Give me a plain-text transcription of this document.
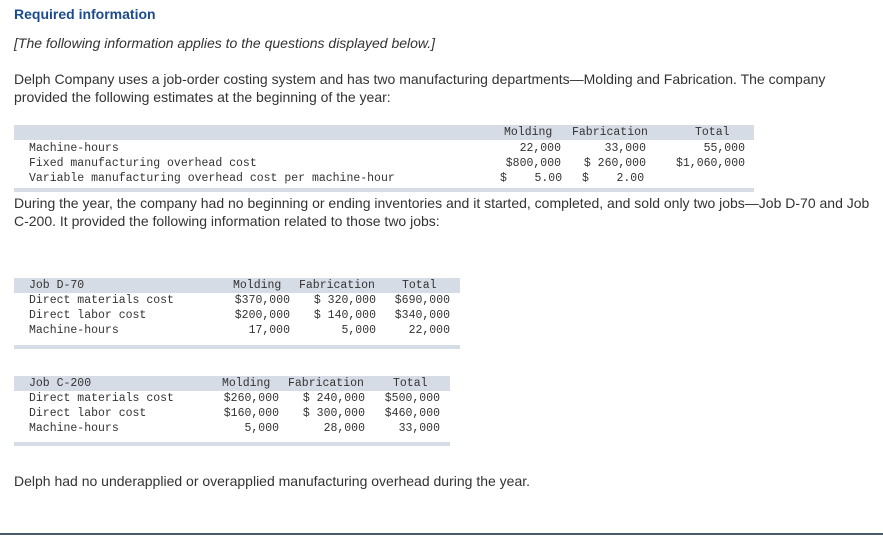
Required information
[The following information applies to the questions displayed below.]
Delph Company uses a job-order costing system and has two manufacturing departments—Molding and Fabrication. The company provided the following estimates at the beginning of the year:
Molding Fabrication	Total
Machine-hours	22,000	33,000	55,000
Fixed manufacturing overhead cost	$800,000	$ 260,000	$1,060,000
Variable manufacturing overhead cost per machine-hour	$    5.00 $    2.00
During the year, the company had no beginning or ending inventories and it started, completed, and sold only two jobs—Job D-70 and Job C-200. It provided the following information related to those two jobs:
Job D-70	Molding Fabrication Total
Direct materials cost	$370,000	$ 320,000	$690,000
Direct labor cost	$200,000	$ 140,000	$340,000
Machine-hours	17,000	5,000	22,000
Job C-200	Molding Fabrication	Total
Direct materials cost	$260,000	$ 240,000	$500,000
Direct labor cost	$160,000	$ 300,000	$460,000
Machine-hours	5,000	28,000	33,000
Delph had no underapplied or overapplied manufacturing overhead during the year.
